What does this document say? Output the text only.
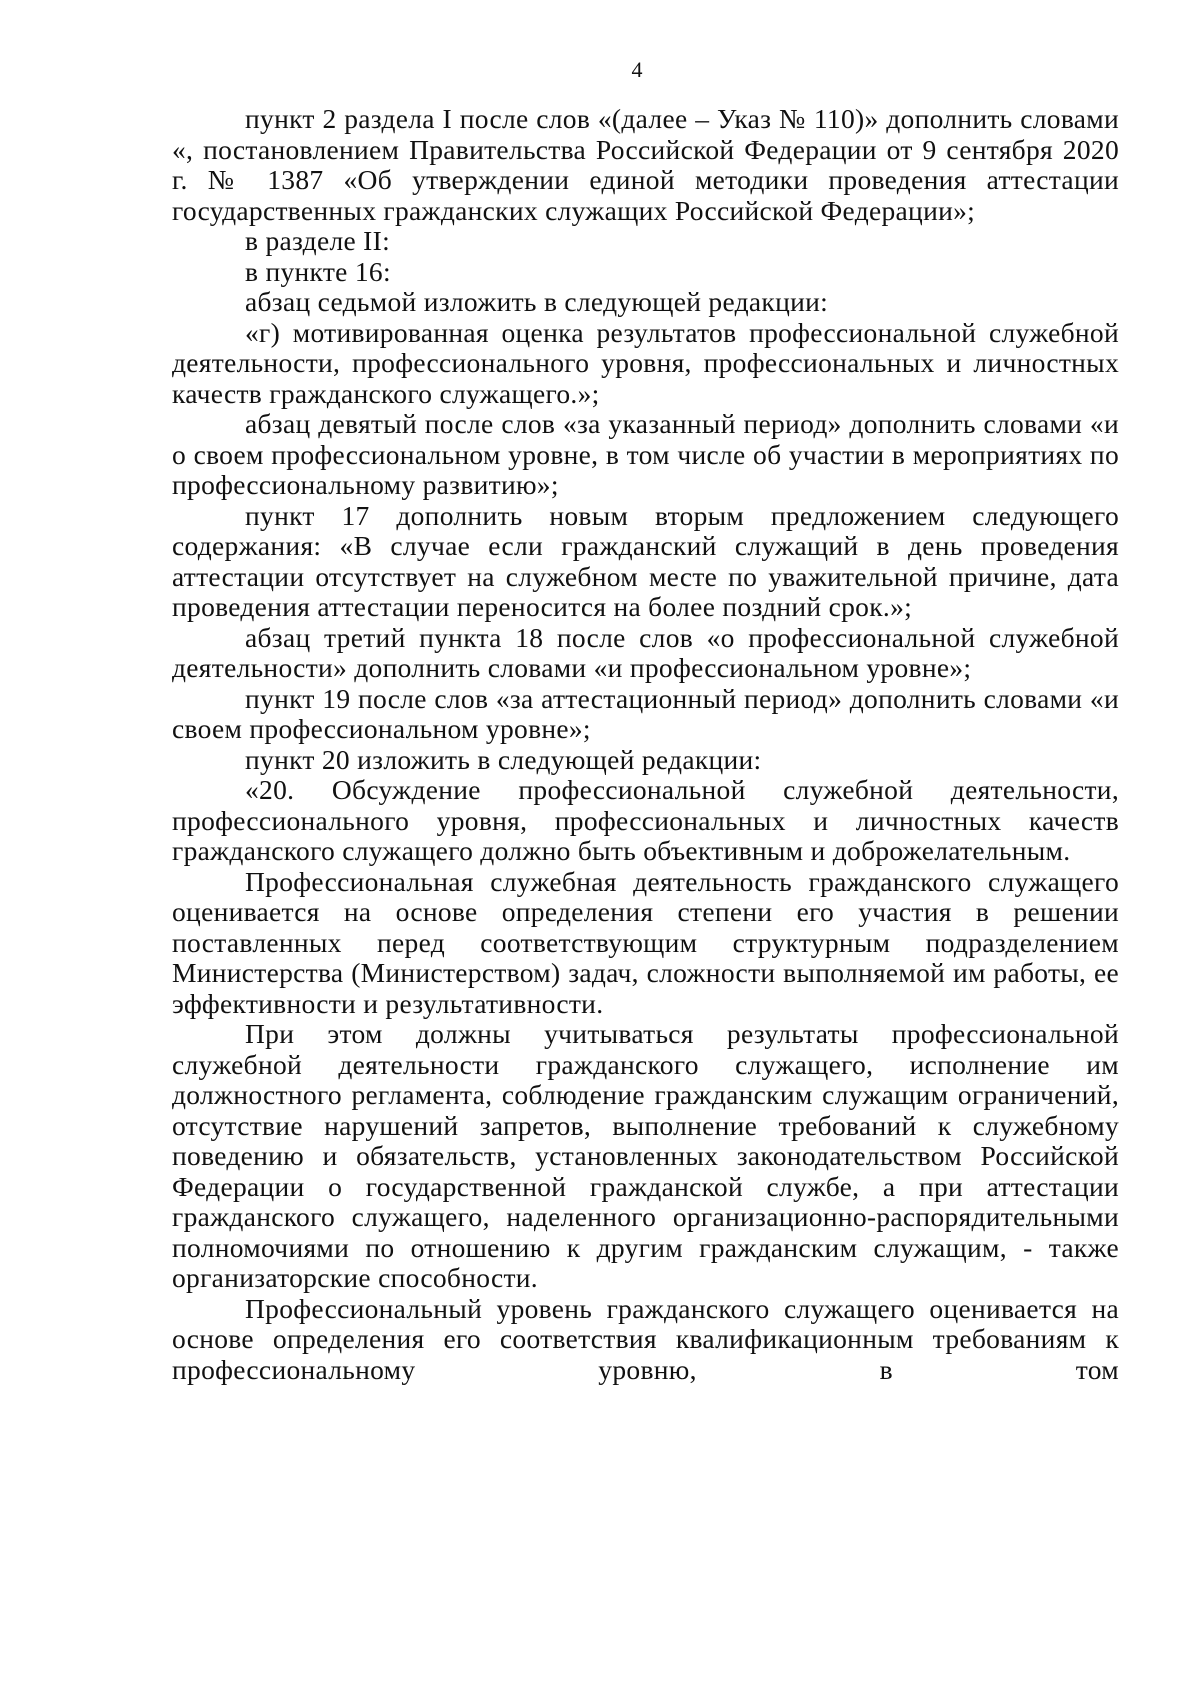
4

пункт 2 раздела I после слов «(далее – Указ № 110)» дополнить словами «, постановлением Правительства Российской Федерации от 9 сентября 2020 г. № 1387 «Об утверждении единой методики проведения аттестации государственных гражданских служащих Российской Федерации»;

в разделе II:

в пункте 16:

абзац седьмой изложить в следующей редакции:

«г) мотивированная оценка результатов профессиональной служебной деятельности, профессионального уровня, профессиональных и личностных качеств гражданского служащего.»;

абзац девятый после слов «за указанный период» дополнить словами «и о своем профессиональном уровне, в том числе об участии в мероприятиях по профессиональному развитию»;

пункт 17 дополнить новым вторым предложением следующего содержания: «В случае если гражданский служащий в день проведения аттестации отсутствует на служебном месте по уважительной причине, дата проведения аттестации переносится на более поздний срок.»;

абзац третий пункта 18 после слов «о профессиональной служебной деятельности» дополнить словами «и профессиональном уровне»;

пункт 19 после слов «за аттестационный период» дополнить словами «и своем профессиональном уровне»;

пункт 20 изложить в следующей редакции:

«20. Обсуждение профессиональной служебной деятельности, профессионального уровня, профессиональных и личностных качеств гражданского служащего должно быть объективным и доброжелательным.

Профессиональная служебная деятельность гражданского служащего оценивается на основе определения степени его участия в решении поставленных перед соответствующим структурным подразделением Министерства (Министерством) задач, сложности выполняемой им работы, ее эффективности и результативности.

При этом должны учитываться результаты профессиональной служебной деятельности гражданского служащего, исполнение им должностного регламента, соблюдение гражданским служащим ограничений, отсутствие нарушений запретов, выполнение требований к служебному поведению и обязательств, установленных законодательством Российской Федерации о государственной гражданской службе, а при аттестации гражданского служащего, наделенного организационно-распорядительными полномочиями по отношению к другим гражданским служащим, - также организаторские способности.

Профессиональный уровень гражданского служащего оценивается на основе определения его соответствия квалификационным требованиям к профессиональному уровню, в том
